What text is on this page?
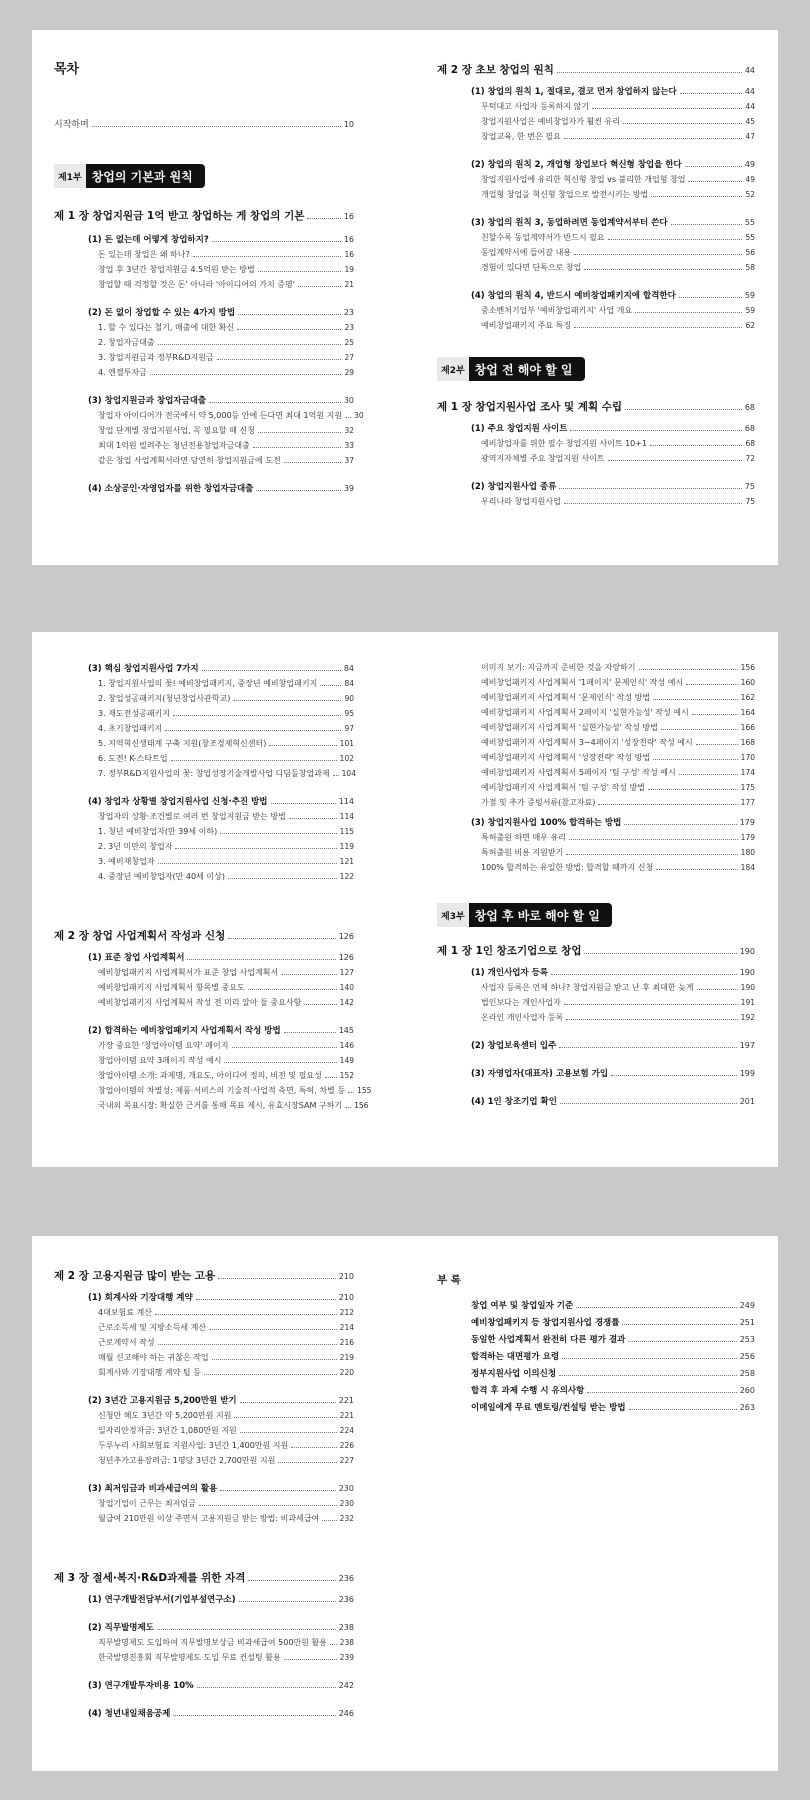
목차
시작하며	10
제1부 창업의 기본과 원칙
제 1 장 창업지원금 1억 받고 창업하는 게 창업의 기본	16
(1) 돈 없는데 어떻게 창업하지?	16
돈 있는데 창업은 왜 하나?	16
창업 후 3년간 창업지원금 4.5억원 받는 방법	19
창업할 때 걱정할 것은 돈' 아니라 '아이디어의 가치 증명'	21
(2) 돈 없이 창업할 수 있는 4가지 방법	23
1. 할 수 있다는 철기, 매출에 대한 확신	23
2. 창업자금대출	25
3. 창업지원금과 정부R&D지원금	27
4. 엔젤투자금	29
(3) 창업지원금과 창업자금대출	30
창업자 아이디어가 전국에서 약 5,000등 안에 든다면 최대 1억원 지원 30
창업 단계별 창업지원사업, 꼭 필요할 때 신청	32
최대 1억원 빌려주는 청년전용창업자금대출	33
같은 창업 사업계획서라면 당연히 창업지원금에 도전	37
(4) 소상공인·자영업자를 위한 창업자금대출	39
제 2 장 초보 창업의 원칙	44
(1) 창업의 원칙 1, 절대로, 결코 먼저 창업하지 않는다	44
무턱대고 사업자 등록하지 않기	44
창업지원사업은 예비창업자가 훨씬 유리	45
창업교육, 한 번은 필요	47
(2) 창업의 원칙 2, 개업형 창업보다 혁신형 창업을 한다	49
창업지원사업에 유리한 혁신형 창업 vs 불리한 개업형 창업	49
개업형 창업을 혁신형 창업으로 발전시키는 방법	52
(3) 창업의 원칙 3, 동업하려면 동업계약서부터 쓴다	55
친할수록 동업계약서가 반드시 필요	55
동업계약서에 들어갈 내용	56
경험이 있다면 단독으로 창업	58
(4) 창업의 원칙 4, 반드시 예비창업패키지에 합격한다	59
중소벤처기업부 '예비창업패키지' 사업 개요	59
예비창업패키지 주요 특징	62
제2부 창업 전 해야 할 일
제 1 장 창업지원사업 조사 및 계획 수립	68
(1) 주요 창업지원 사이트	68
예비창업자를 위한 필수 창업지원 사이트 10+1	68
광역지자체별 주요 창업지원 사이트	72
(2) 창업지원사업 종류	75
우리나라 창업지원사업	75
(3) 핵심 창업지원사업 7가지	84
1. 창업지원사업의 꽃! 예비창업패키지, 중장년 예비창업패키지	84
2. 창업성공패키지(청년창업사관학교)	90
3. 재도전성공패키지	95
4. 초기창업패키지	97
5. 지역혁신생태계 구축 지원(창조경제혁신센터)	101
6. 도전! K-스타트업	102
7. 정부R&D지원사업의 꽃: 창업성장기술개발사업 디딤돌창업과제 104
(4) 창업자 상황별 창업지원사업 신청·추진 방법	114
창업자의 상황·조건별로 여러 번 창업지원금 받는 방법	114
1. 청년 예비창업자(만 39세 이하)	115
2. 3년 미만의 창업자	119
3. 예비재창업자	121
4. 중장년 예비창업자(만 40세 이상)	122
제 2 장 창업 사업계획서 작성과 신청	126
(1) 표준 창업 사업계획서	126
예비창업패키지 사업계획서가 표준 창업 사업계획서	127
예비창업패키지 사업계획서 항목별 중요도	140
예비창업패키지 사업계획서 작성 전 미리 알아 둘 중요사항	142
(2) 합격하는 예비창업패키지 사업계획서 작성 방법	145
가장 중요한 '창업아이템 요약' 페이지	146
창업아이템 요약 3페이지 작성 예시	149
창업아이템 소개: 과제명, 개요도, 아이디어 정의, 비전 및 필요성 152
창업아이템의 차별성: 제품·서비스의 기술적·사업적 측면, 특허, 차별 등 155
국내외 목표시장: 확실한 근거를 통해 목표 제시, 유효시장SAM 구하기 156
이미지 보기: 지금까지 준비한 것을 자랑하기	156
예비창업패키지 사업계획서 '1페이지' 문제인식' 작성 예시	160
예비창업패키지 사업계획서 '문제인식' 작성 방법	162
예비창업패키지 사업계획서 2페이지 '실현가능성' 작성 예시	164
예비창업패키지 사업계획서 '실현가능성' 작성 방법	166
예비창업패키지 사업계획서 3~4페이지 '성장전략' 작성 예시	168
예비창업패키지 사업계획서 '성장전략' 작성 방법	170
예비창업패키지 사업계획서 5페이지 '팀 구성' 작성 예시	174
예비창업패키지 사업계획서 '팀 구성' 작성 방법	175
가점 및 추가 증빙서류(참고자료)	177
(3) 창업지원사업 100% 합격하는 방법	179
특허출원 하면 매우 유리	179
특허출원 비용 지원받기	180
100% 합격하는 유일한 방법: 합격할 때까지 신청	184
제3부 창업 후 바로 해야 할 일
제 1 장 1인 창조기업으로 창업	190
(1) 개인사업자 등록	190
사업자 등록은 언제 하나? 창업지원금 받고 난 후 최대한 늦게	190
법인보다는 개인사업자	191
온라인 개인사업자 등록	192
(2) 창업보육센터 입주	197
(3) 자영업자(대표자) 고용보험 가입	199
(4) 1인 창조기업 확인	201
제 2 장 고용지원금 많이 받는 고용	210
(1) 회계사와 기장대행 계약	210
4대보험료 계산	212
근로소득세 및 지방소득세 계산	214
근로계약서 작성	216
매월 신고해야 하는 귀찮은 작업	219
회계사와 기장대행 계약 팁 등	220
(2) 3년간 고용지원금 5,200만원 받기	221
신청만 해도 3년간 약 5,200만원 지원	221
일자리안정자금: 3년간 1,080만원 지원	224
두루누리 사회보험료 지원사업: 3년간 1,400만원 지원	226
청년추가고용장려금: 1명당 3년간 2,700만원 지원	227
(3) 최저임금과 비과세급여의 활용	230
창업기업이 근무는 최저임금	230
월급여 210만원 이상 주면서 고용지원금 받는 방법: 비과세급여	232
제 3 장 절세·복지·R&D과제를 위한 자격	236
(1) 연구개발전담부서(기업부설연구소)	236
(2) 직무발명제도	238
직무발명제도 도입하여 직무발명보상금 비과세급여 500만원 활용 238
한국발명진흥회 직무발명제도 도입 무료 컨설팅 활용	239
(3) 연구개발투자비용 10%	242
(4) 청년내일채움공제	246
부 록
창업 여부 및 창업일자 기준	249
예비창업패키지 등 창업지원사업 경쟁률	251
동일한 사업계획서 완전히 다른 평가 결과	253
합격하는 대면평가 요령	256
정부지원사업 이의신청	258
합격 후 과제 수행 시 유의사항	260
이메일에게 무료 멘토링/컨설팅 받는 방법	263
